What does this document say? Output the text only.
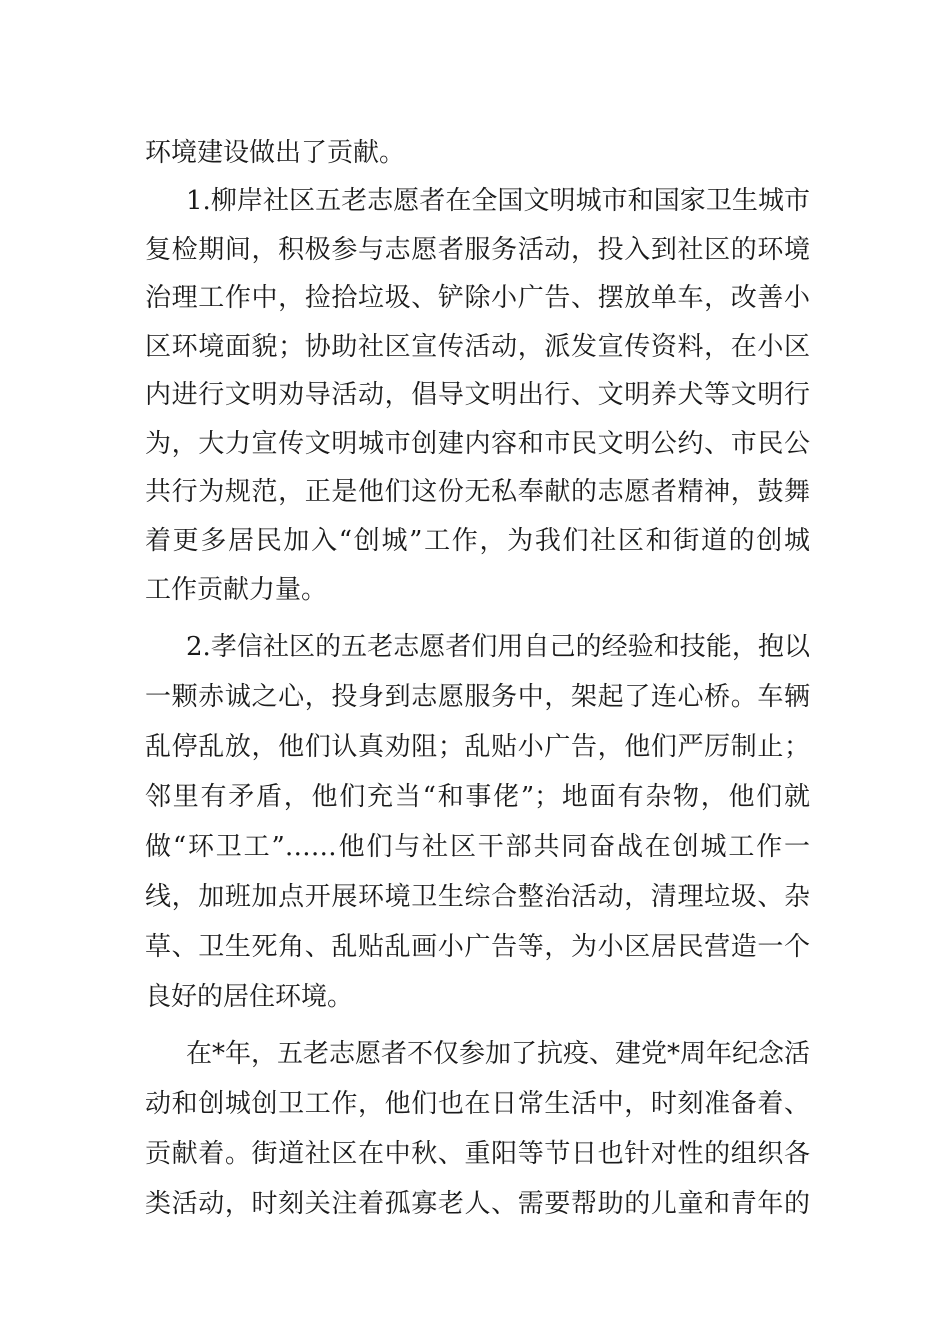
环境建设做出了贡献。
1.柳岸社区五老志愿者在全国文明城市和国家卫生城市
复检期间，积极参与志愿者服务活动，投入到社区的环境
治理工作中，捡拾垃圾、铲除小广告、摆放单车，改善小
区环境面貌；协助社区宣传活动，派发宣传资料，在小区
内进行文明劝导活动，倡导文明出行、文明养犬等文明行
为，大力宣传文明城市创建内容和市民文明公约、市民公
共行为规范，正是他们这份无私奉献的志愿者精神，鼓舞
着更多居民加入“创城”工作，为我们社区和街道的创城
工作贡献力量。
2.孝信社区的五老志愿者们用自己的经验和技能，抱以
一颗赤诚之心，投身到志愿服务中，架起了连心桥。车辆
乱停乱放，他们认真劝阻；乱贴小广告，他们严厉制止；
邻里有矛盾，他们充当“和事佬”；地面有杂物，他们就
做“环卫工”……他们与社区干部共同奋战在创城工作一
线，加班加点开展环境卫生综合整治活动，清理垃圾、杂
草、卫生死角、乱贴乱画小广告等，为小区居民营造一个
良好的居住环境。
在*年，五老志愿者不仅参加了抗疫、建党*周年纪念活
动和创城创卫工作，他们也在日常生活中，时刻准备着、
贡献着。街道社区在中秋、重阳等节日也针对性的组织各
类活动，时刻关注着孤寡老人、需要帮助的儿童和青年的
